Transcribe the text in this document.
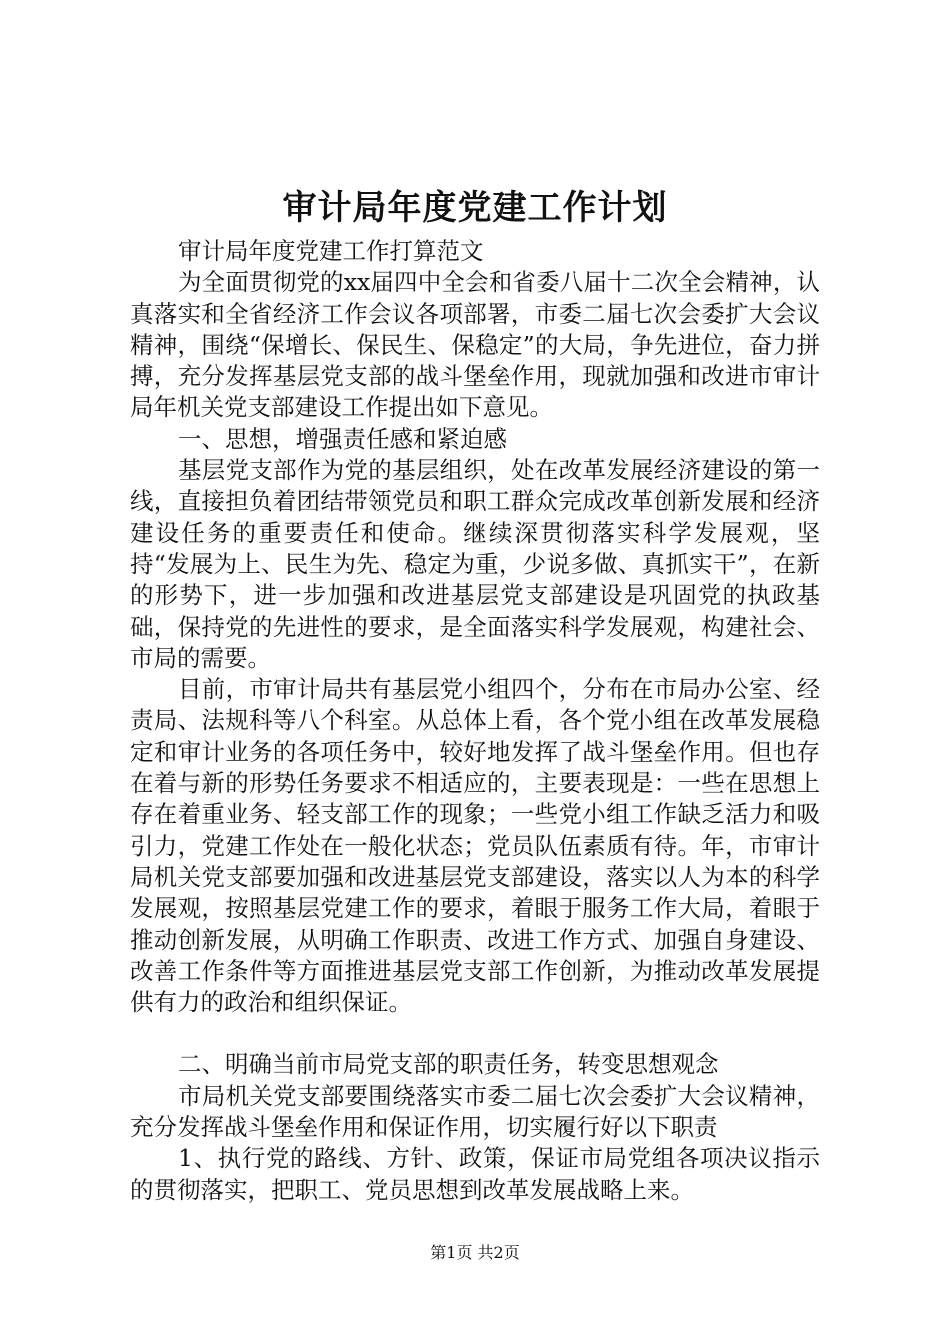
审计局年度党建工作计划

审计局年度党建工作打算范文

为全面贯彻党的xx届四中全会和省委八届十二次全会精神，认真落实和全省经济工作会议各项部署，市委二届七次会委扩大会议精神，围绕“保增长、保民生、保稳定”的大局，争先进位，奋力拼搏，充分发挥基层党支部的战斗堡垒作用，现就加强和改进市审计局年机关党支部建设工作提出如下意见。

一、思想，增强责任感和紧迫感

基层党支部作为党的基层组织，处在改革发展经济建设的第一线，直接担负着团结带领党员和职工群众完成改革创新发展和经济建设任务的重要责任和使命。继续深贯彻落实科学发展观，坚持“发展为上、民生为先、稳定为重，少说多做、真抓实干”，在新的形势下，进一步加强和改进基层党支部建设是巩固党的执政基础，保持党的先进性的要求，是全面落实科学发展观，构建社会、市局的需要。

目前，市审计局共有基层党小组四个，分布在市局办公室、经责局、法规科等八个科室。从总体上看，各个党小组在改革发展稳定和审计业务的各项任务中，较好地发挥了战斗堡垒作用。但也存在着与新的形势任务要求不相适应的，主要表现是：一些在思想上存在着重业务、轻支部工作的现象；一些党小组工作缺乏活力和吸引力，党建工作处在一般化状态；党员队伍素质有待。年，市审计局机关党支部要加强和改进基层党支部建设，落实以人为本的科学发展观，按照基层党建工作的要求，着眼于服务工作大局，着眼于推动创新发展，从明确工作职责、改进工作方式、加强自身建设、改善工作条件等方面推进基层党支部工作创新，为推动改革发展提供有力的政治和组织保证。

二、明确当前市局党支部的职责任务，转变思想观念

市局机关党支部要围绕落实市委二届七次会委扩大会议精神，充分发挥战斗堡垒作用和保证作用，切实履行好以下职责

1、执行党的路线、方针、政策，保证市局党组各项决议指示的贯彻落实，把职工、党员思想到改革发展战略上来。

第1页 共2页
